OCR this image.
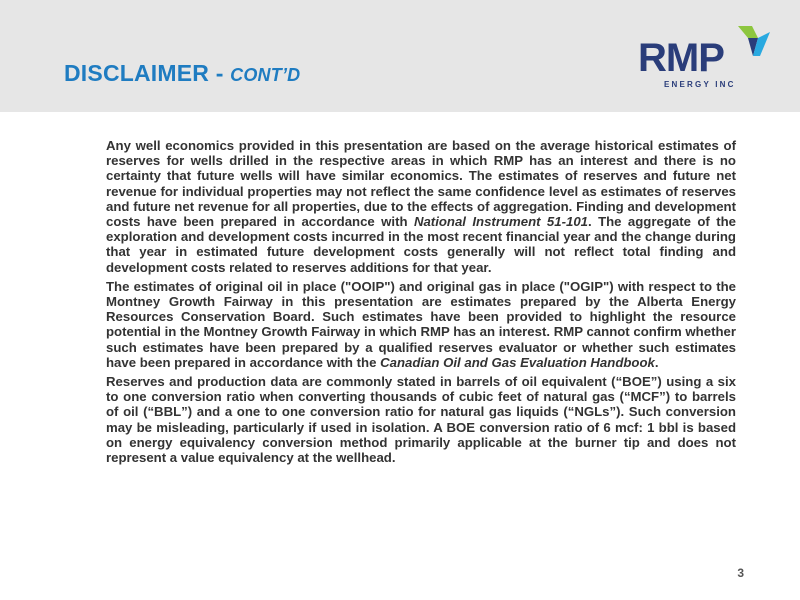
DISCLAIMER - CONT’D	RMP
ENERGY INC

Any well economics provided in this presentation are based on the average historical estimates of reserves for wells drilled in the respective areas in which RMP has an interest and there is no certainty that future wells will have similar economics. The estimates of reserves and future net revenue for individual properties may not reflect the same confidence level as estimates of reserves and future net revenue for all properties, due to the effects of aggregation. Finding and development costs have been prepared in accordance with National Instrument 51-101. The aggregate of the exploration and development costs incurred in the most recent financial year and the change during that year in estimated future development costs generally will not reflect total finding and development costs related to reserves additions for that year.

The estimates of original oil in place ("OOIP") and original gas in place ("OGIP") with respect to the Montney Growth Fairway in this presentation are estimates prepared by the Alberta Energy Resources Conservation Board. Such estimates have been provided to highlight the resource potential in the Montney Growth Fairway in which RMP has an interest. RMP cannot confirm whether such estimates have been prepared by a qualified reserves evaluator or whether such estimates have been prepared in accordance with the Canadian Oil and Gas Evaluation Handbook.

Reserves and production data are commonly stated in barrels of oil equivalent (“BOE”) using a six to one conversion ratio when converting thousands of cubic feet of natural gas (“MCF”) to barrels of oil (“BBL”) and a one to one conversion ratio for natural gas liquids (“NGLs”). Such conversion may be misleading, particularly if used in isolation. A BOE conversion ratio of 6 mcf: 1 bbl is based on energy equivalency conversion method primarily applicable at the burner tip and does not represent a value equivalency at the wellhead.

3
